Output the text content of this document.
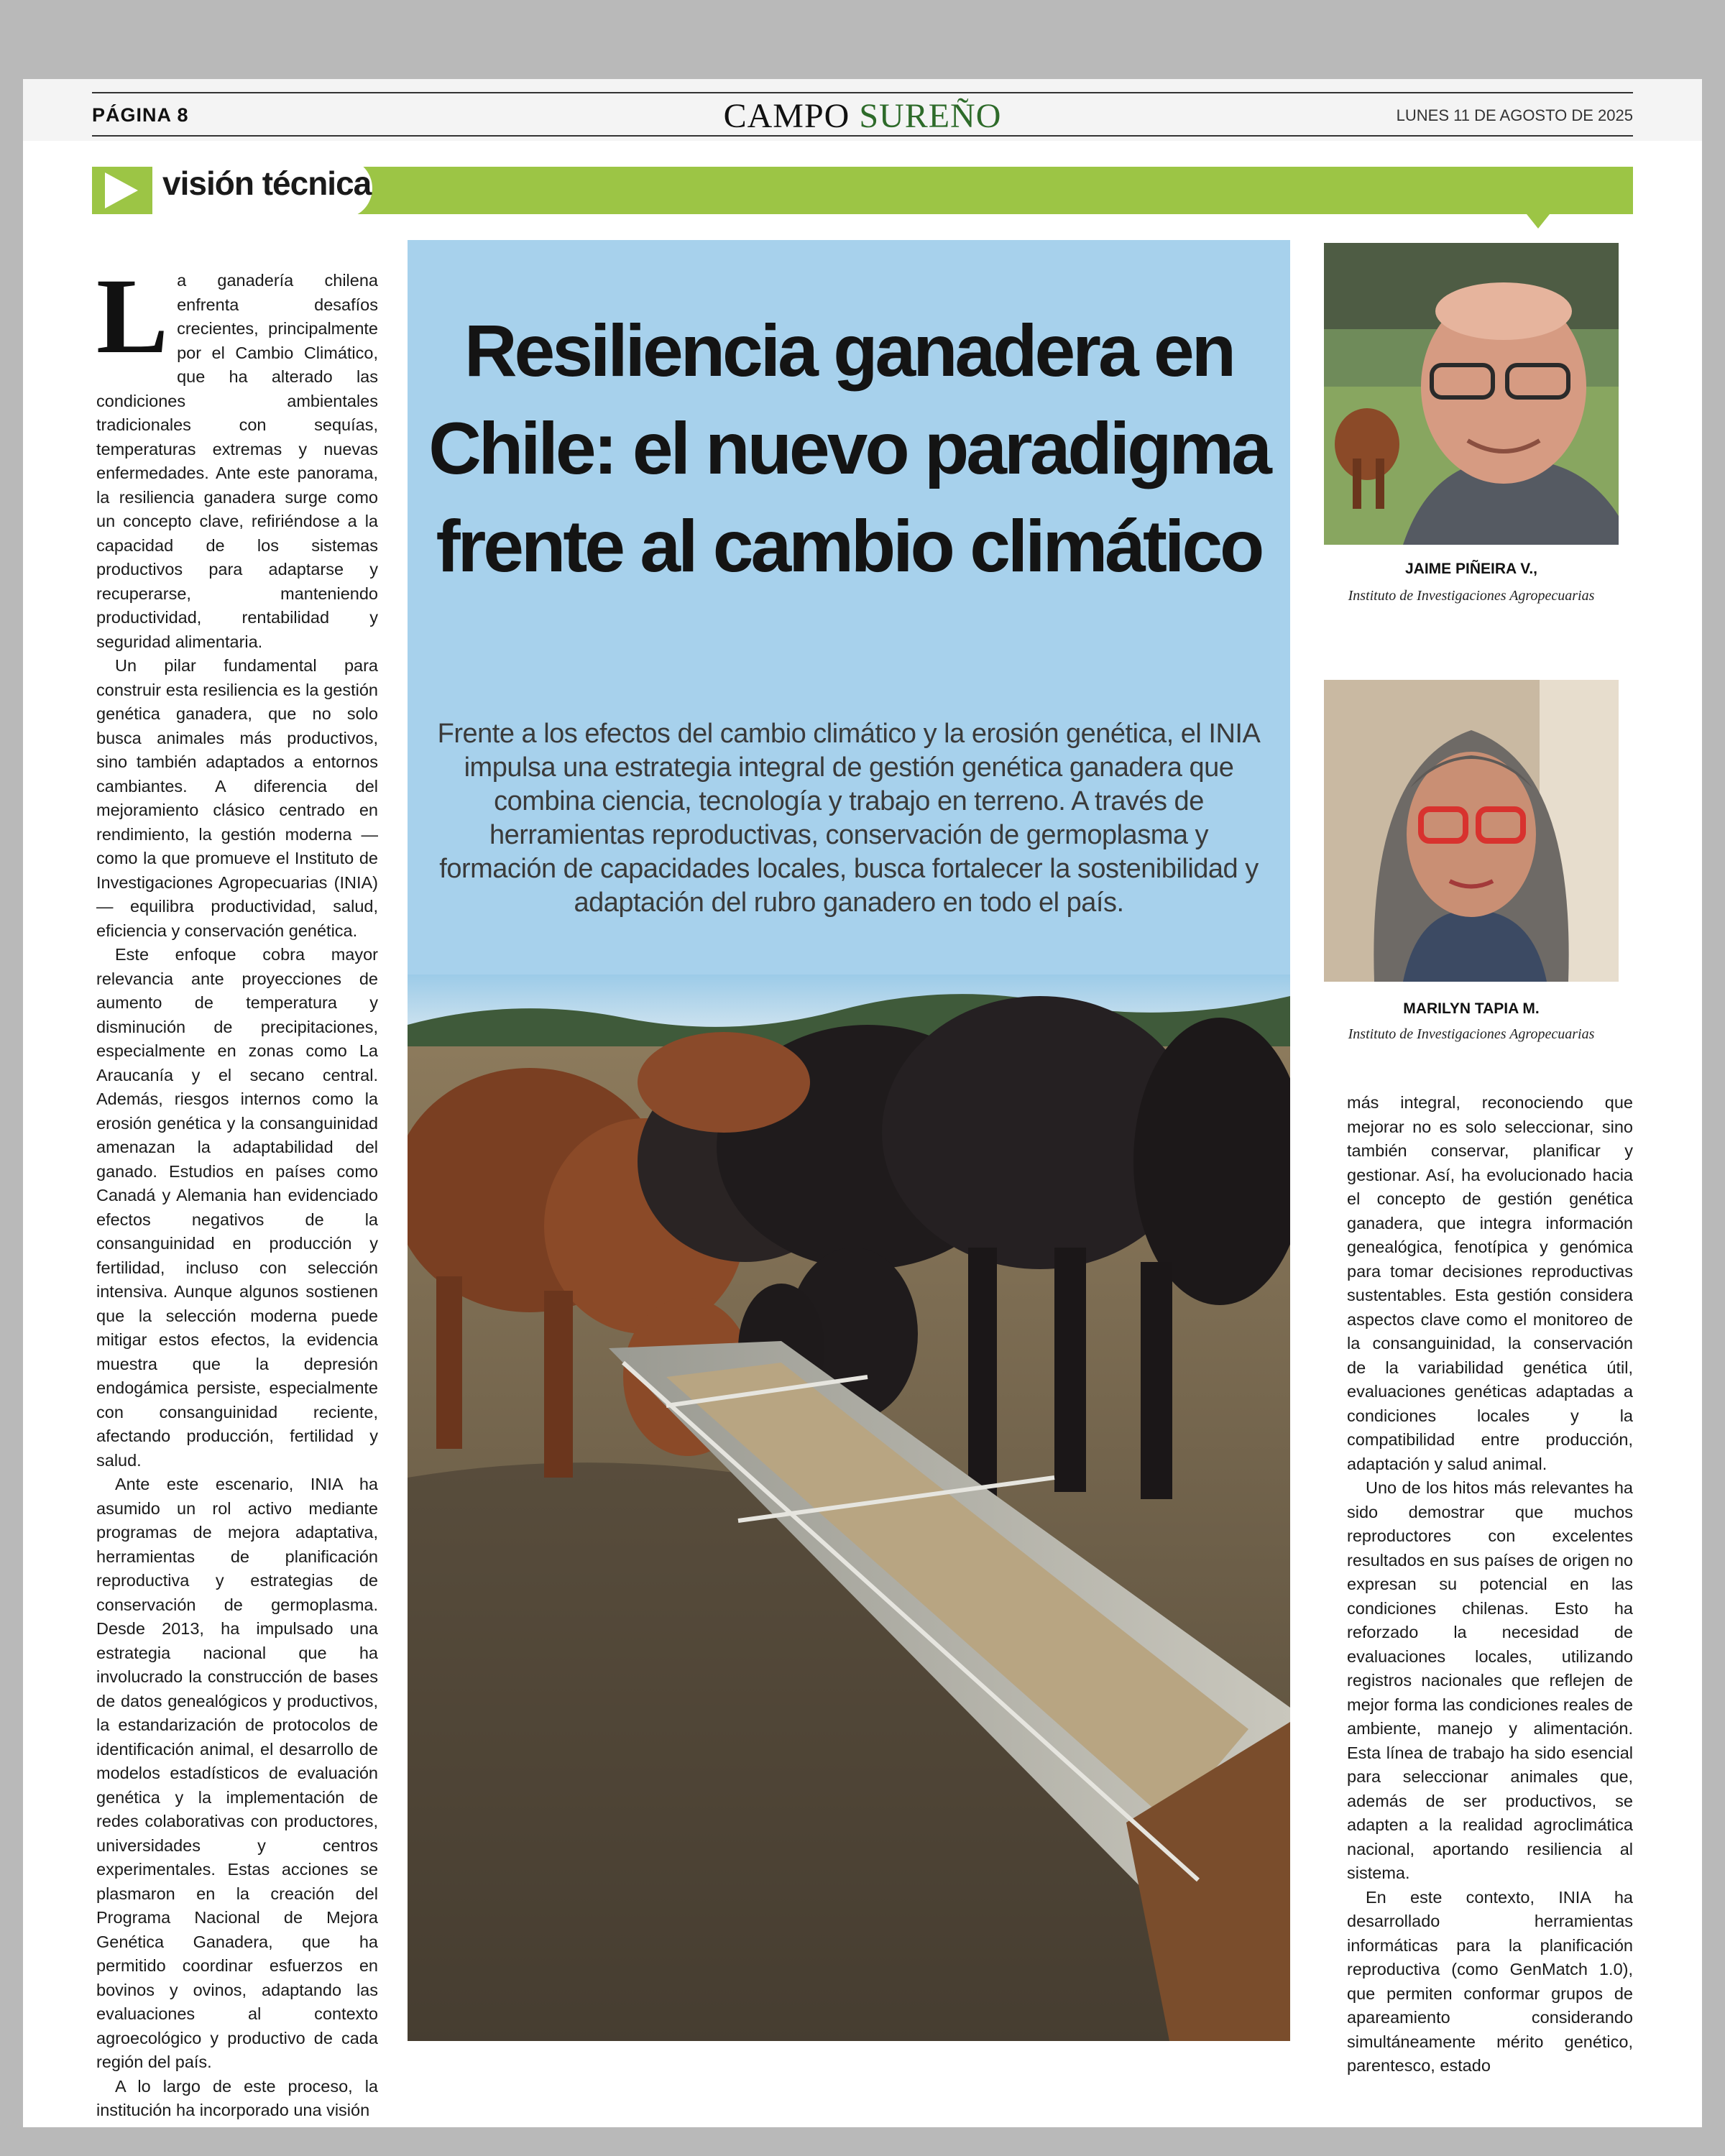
PÁGINA 8	CAMPO SUREÑO	LUNES 11 DE AGOSTO DE 2025
visión técnica

La ganadería chilena enfrenta desafíos crecientes, principalmente por el Cambio Climático, que ha alterado las condiciones ambientales tradicionales con sequías, temperaturas extremas y nuevas enfermedades. Ante este panorama, la resiliencia ganadera surge como un concepto clave, refiriéndose a la capacidad de los sistemas productivos para adaptarse y recuperarse, manteniendo productividad, rentabilidad y seguridad alimentaria.

Un pilar fundamental para construir esta resiliencia es la gestión genética ganadera, que no solo busca animales más productivos, sino también adaptados a entornos cambiantes. A diferencia del mejoramiento clásico centrado en rendimiento, la gestión moderna —como la que promueve el Instituto de Investigaciones Agropecuarias (INIA)— equilibra productividad, salud, eficiencia y conservación genética.

Este enfoque cobra mayor relevancia ante proyecciones de aumento de temperatura y disminución de precipitaciones, especialmente en zonas como La Araucanía y el secano central. Además, riesgos internos como la erosión genética y la consanguinidad amenazan la adaptabilidad del ganado. Estudios en países como Canadá y Alemania han evidenciado efectos negativos de la consanguinidad en producción y fertilidad, incluso con selección intensiva. Aunque algunos sostienen que la selección moderna puede mitigar estos efectos, la evidencia muestra que la depresión endogámica persiste, especialmente con consanguinidad reciente, afectando producción, fertilidad y salud.

Ante este escenario, INIA ha asumido un rol activo mediante programas de mejora adaptativa, herramientas de planificación reproductiva y estrategias de conservación de germoplasma. Desde 2013, ha impulsado una estrategia nacional que ha involucrado la construcción de bases de datos genealógicos y productivos, la estandarización de protocolos de identificación animal, el desarrollo de modelos estadísticos de evaluación genética y la implementación de redes colaborativas con productores, universidades y centros experimentales. Estas acciones se plasmaron en la creación del Programa Nacional de Mejora Genética Ganadera, que ha permitido coordinar esfuerzos en bovinos y ovinos, adaptando las evaluaciones al contexto agroecológico y productivo de cada región del país.

A lo largo de este proceso, la institución ha incorporado una visión

Resiliencia ganadera en Chile: el nuevo paradigma frente al cambio climático

Frente a los efectos del cambio climático y la erosión genética, el INIA impulsa una estrategia integral de gestión genética ganadera que combina ciencia, tecnología y trabajo en terreno. A través de herramientas reproductivas, conservación de germoplasma y formación de capacidades locales, busca fortalecer la sostenibilidad y adaptación del rubro ganadero en todo el país.

JAIME PIÑEIRA V.,
Instituto de Investigaciones Agropecuarias
MARILYN TAPIA M.
Instituto de Investigaciones Agropecuarias

más integral, reconociendo que mejorar no es solo seleccionar, sino también conservar, planificar y gestionar. Así, ha evolucionado hacia el concepto de gestión genética ganadera, que integra información genealógica, fenotípica y genómica para tomar decisiones reproductivas sustentables. Esta gestión considera aspectos clave como el monitoreo de la consanguinidad, la conservación de la variabilidad genética útil, evaluaciones genéticas adaptadas a condiciones locales y la compatibilidad entre producción, adaptación y salud animal.

Uno de los hitos más relevantes ha sido demostrar que muchos reproductores con excelentes resultados en sus países de origen no expresan su potencial en las condiciones chilenas. Esto ha reforzado la necesidad de evaluaciones locales, utilizando registros nacionales que reflejen de mejor forma las condiciones reales de ambiente, manejo y alimentación. Esta línea de trabajo ha sido esencial para seleccionar animales que, además de ser productivos, se adapten a la realidad agroclimática nacional, aportando resiliencia al sistema.

En este contexto, INIA ha desarrollado herramientas informáticas para la planificación reproductiva (como GenMatch 1.0), que permiten conformar grupos de apareamiento considerando simultáneamente mérito genético, parentesco, estado
